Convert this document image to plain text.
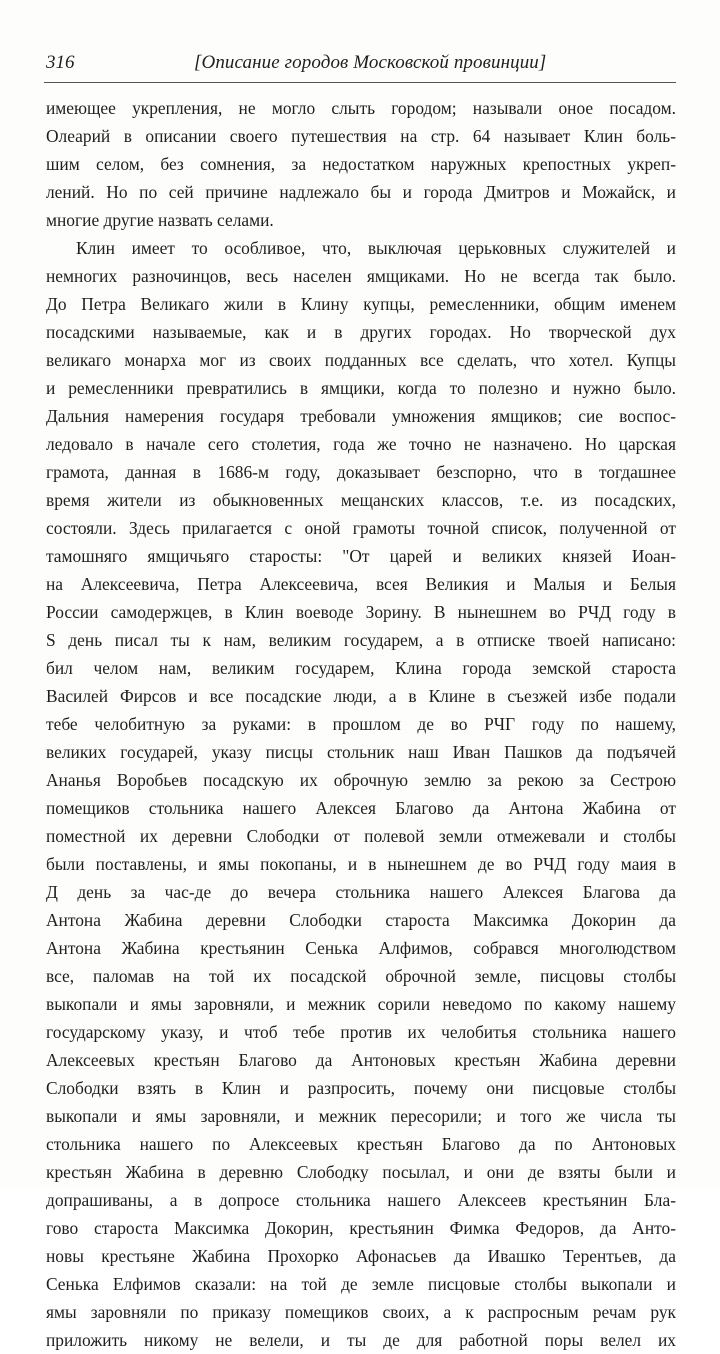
316	[Описание городов Московской провинции]
имеющее укрепления, не могло слыть городом; называли оное посадом.
Олеарий в описании своего путешествия на стр. 64 называет Клин боль-
шим селом, без сомнения, за недостатком наружных крепостных укреп-
лений. Но по сей причине надлежало бы и города Дмитров и Можайск, и
многие другие назвать селами.
Клин имеет то особливое, что, выключая церьковных служителей и
немногих разночинцов, весь населен ямщиками. Но не всегда так было.
До Петра Великаго жили в Клину купцы, ремесленники, общим именем
посадскими называемые, как и в других городах. Но творческой дух
великаго монарха мог из своих подданных все сделать, что хотел. Купцы
и ремесленники превратились в ямщики, когда то полезно и нужно было.
Дальния намерения государя требовали умножения ямщиков; сие воспос-
ледовало в начале сего столетия, года же точно не назначено. Но царская
грамота, данная в 1686-м году, доказывает безспорно, что в тогдашнее
время жители из обыкновенных мещанских классов, т.е. из посадских,
состояли. Здесь прилагается с оной грамоты точной список, полученной от
тамошняго ямщичьяго старосты: "От царей и великих князей Иоан-
на Алексеевича, Петра Алексеевича, всея Великия и Малыя и Белыя
России самодержцев, в Клин воеводе Зорину. В нынешнем во РЧД году в
Ѕ день писал ты к нам, великим государем, а в отписке твоей написано:
бил челом нам, великим государем, Клина города земской староста
Василей Фирсов и все посадские люди, а в Клине в съезжей избе подали
тебе челобитную за руками: в прошлом де во РЧГ году по нашему,
великих государей, указу писцы стольник наш Иван Пашков да подъячей
Ананья Воробьев посадскую их оброчную землю за рекою за Сестрою
помещиков стольника нашего Алексея Благово да Антона Жабина от
поместной их деревни Слободки от полевой земли отмежевали и столбы
были поставлены, и ямы покопаны, и в нынешнем де во РЧД году маия в
Д день за час-де до вечера стольника нашего Алексея Благова да
Антона Жабина деревни Слободки староста Максимка Докорин да
Антона Жабина крестьянин Сенька Алфимов, собрався многолюдством
все, паломав на той их посадской оброчной земле, писцовы столбы
выкопали и ямы заровняли, и межник сорили неведомо по какому нашему
государскому указу, и чтоб тебе против их челобитья стольника нашего
Алексеевых крестьян Благово да Антоновых крестьян Жабина деревни
Слободки взять в Клин и разпросить, почему они писцовые столбы
выкопали и ямы заровняли, и межник пересорили; и того же числа ты
стольника нашего по Алексеевых крестьян Благово да по Антоновых
крестьян Жабина в деревню Слободку посылал, и они де взяты были и
допрашиваны, а в допросе стольника нашего Алексеев крестьянин Бла-
гово староста Максимка Докорин, крестьянин Фимка Федоров, да Анто-
новы крестьяне Жабина Прохорко Афонасьев да Ивашко Терентьев, да
Сенька Елфимов сказали: на той де земле писцовые столбы выкопали и
ямы заровняли по приказу помещиков своих, а к распросным речам рук
приложить никому не велели, и ты де для работной поры велел их
